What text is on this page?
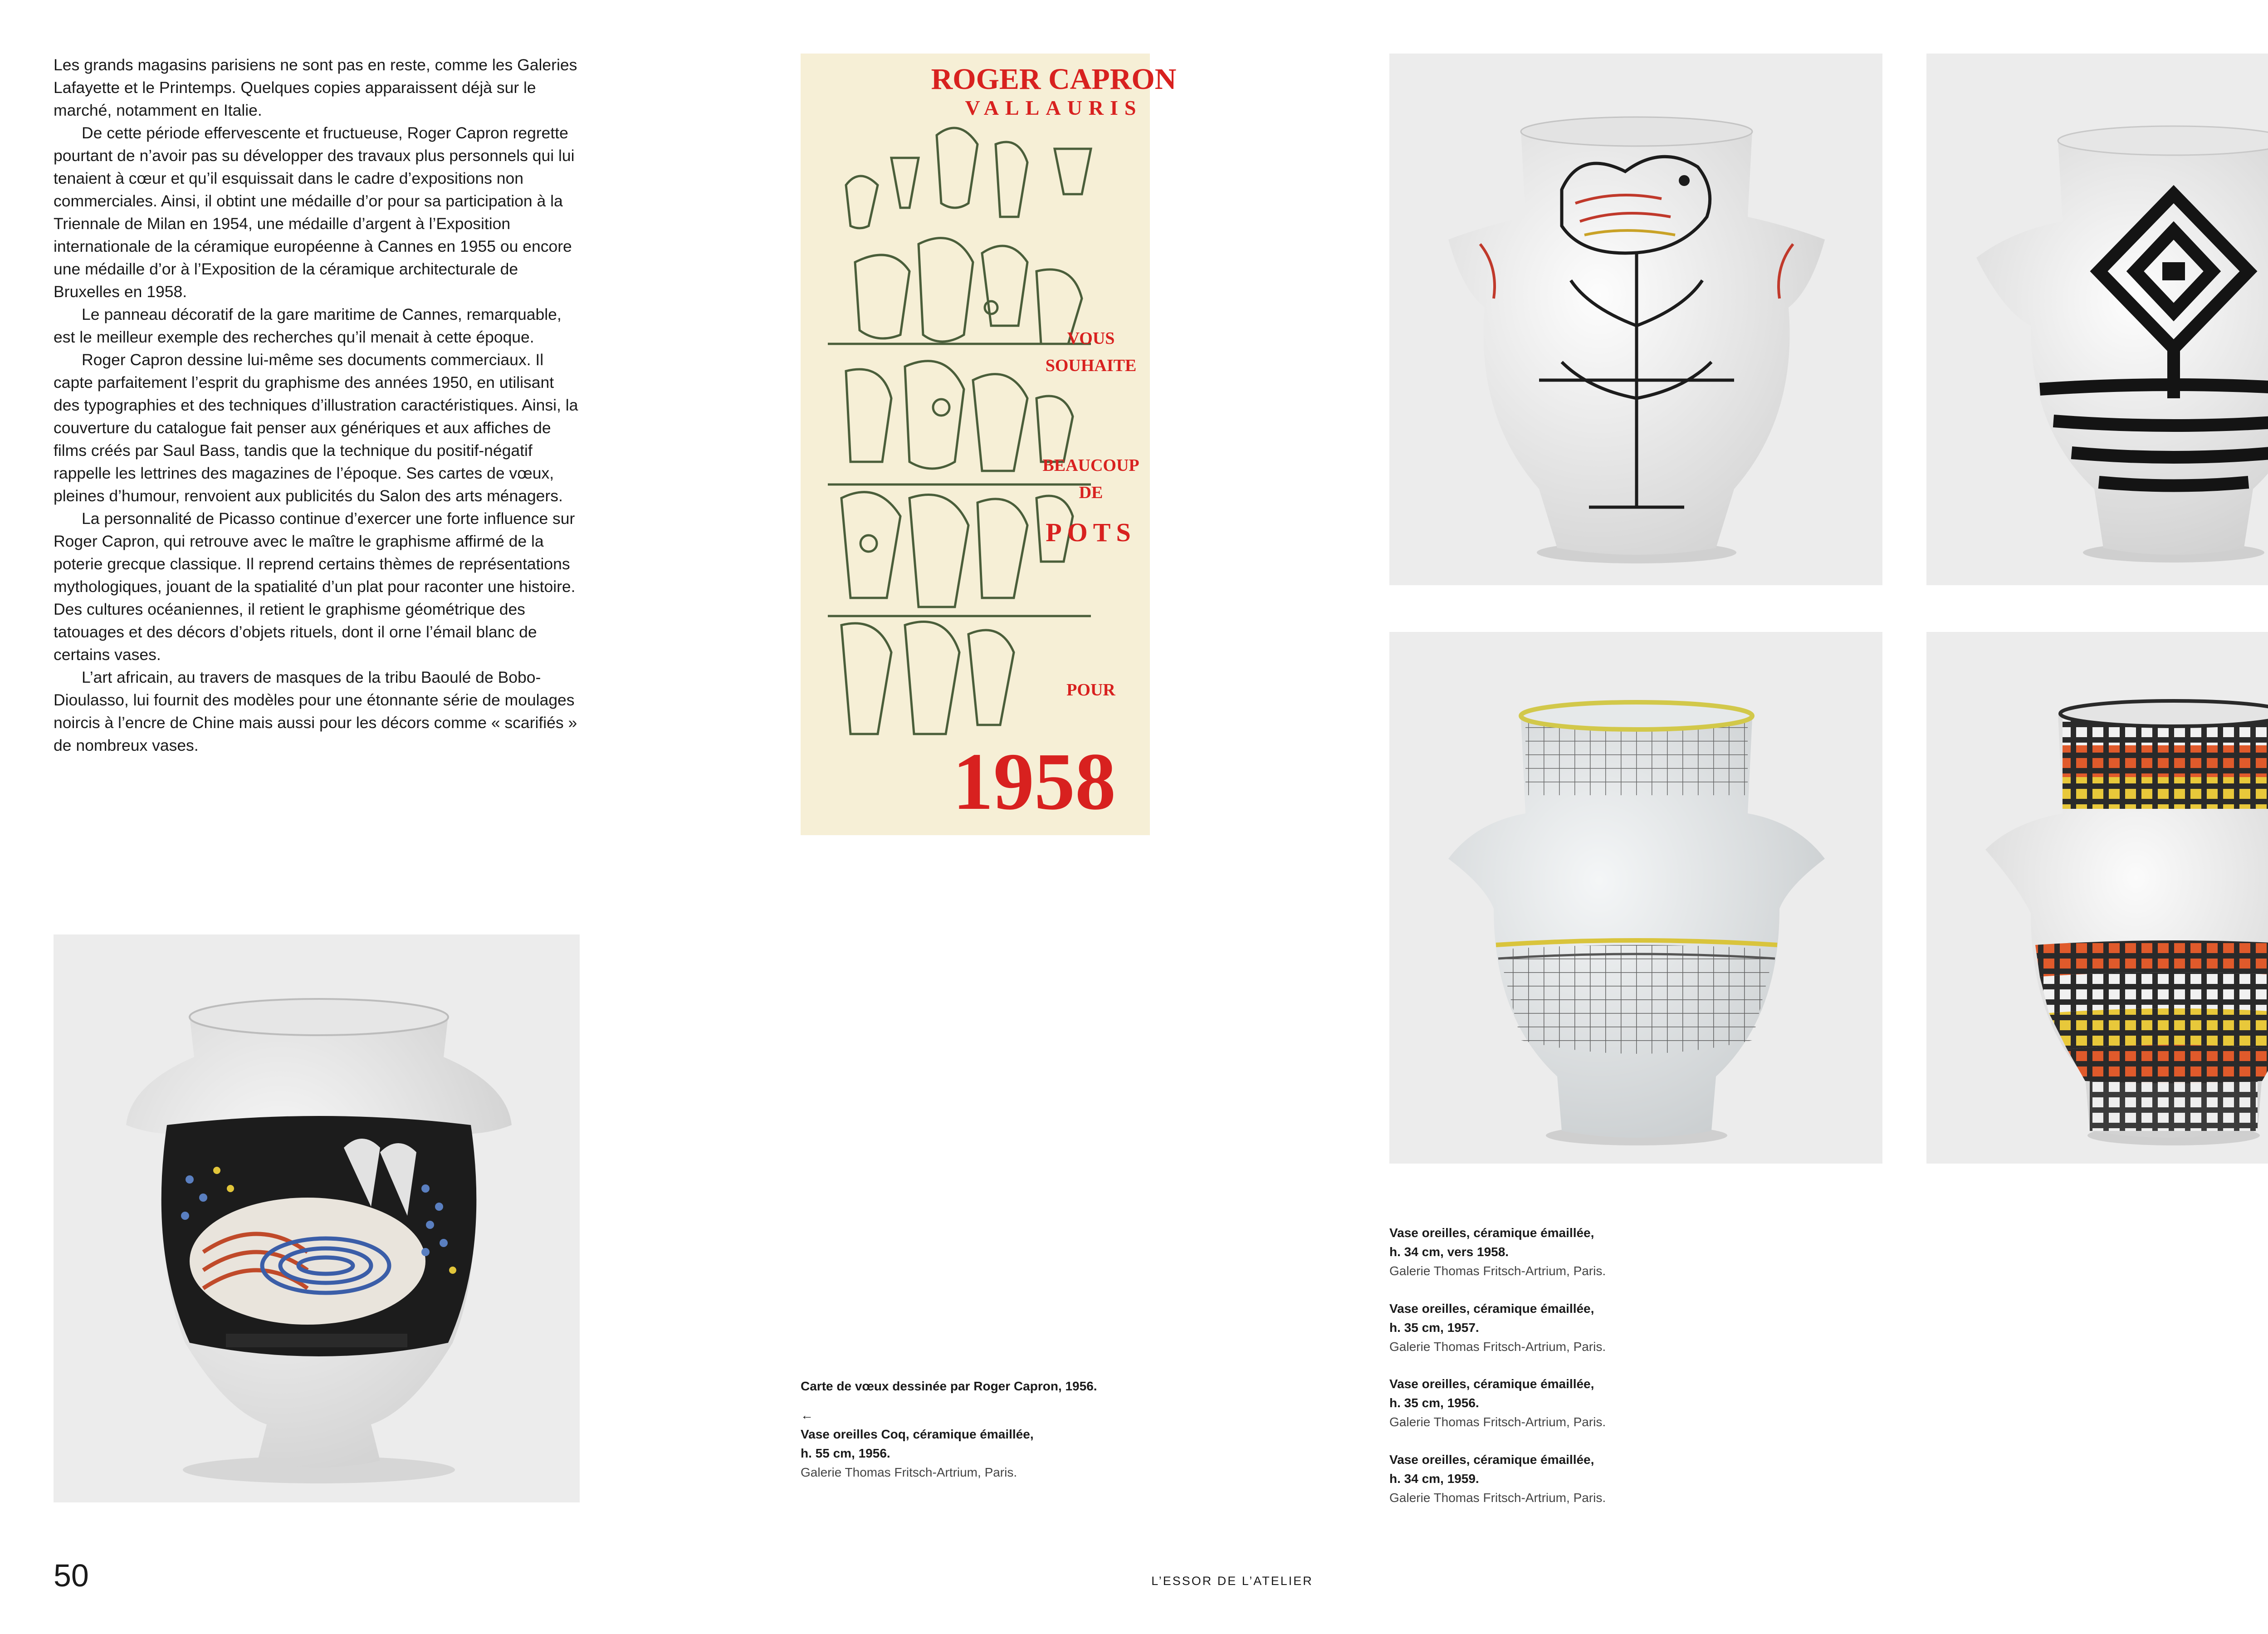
Les grands magasins parisiens ne sont pas en reste, comme les Galeries Lafayette et le Printemps. Quelques copies apparaissent déjà sur le marché, notamment en Italie.

De cette période effervescente et fructueuse, Roger Capron regrette pourtant de n’avoir pas su développer des travaux plus personnels qui lui tenaient à cœur et qu’il esquissait dans le cadre d’expositions non commerciales. Ainsi, il obtint une médaille d’or pour sa participation à la Triennale de Milan en 1954, une médaille d’argent à l’Exposition internationale de la céramique européenne à Cannes en 1955 ou encore une médaille d’or à l’Exposition de la céramique architecturale de Bruxelles en 1958.

Le panneau décoratif de la gare maritime de Cannes, remarquable, est le meilleur exemple des recherches qu’il menait à cette époque.

Roger Capron dessine lui-même ses documents commerciaux. Il capte parfaitement l’esprit du graphisme des années 1950, en utilisant des typographies et des techniques d’illustration caractéristiques. Ainsi, la couverture du catalogue fait penser aux génériques et aux affiches de films créés par Saul Bass, tandis que la technique du positif-négatif rappelle les lettrines des magazines de l’époque. Ses cartes de vœux, pleines d’humour, renvoient aux publicités du Salon des arts ménagers.

La personnalité de Picasso continue d’exercer une forte influence sur Roger Capron, qui retrouve avec le maître le graphisme affirmé de la poterie grecque classique. Il reprend certains thèmes de représentations mythologiques, jouant de la spatialité d’un plat pour raconter une histoire. Des cultures océaniennes, il retient le graphisme géométrique des tatouages et des décors d’objets rituels, dont il orne l’émail blanc de certains vases.

L’art africain, au travers de masques de la tribu Baoulé de Bobo-Dioulasso, lui fournit des modèles pour une étonnante série de moulages noircis à l’encre de Chine mais aussi pour les décors comme « scarifiés » de nombreux vases.

ROGER CAPRON
VALLAURIS
VOUS
SOUHAITE
BEAUCOUP
DE
POTS
POUR
1958
Carte de vœux dessinée par Roger Capron, 1956.
←
Vase oreilles Coq, céramique émaillée,
h. 55 cm, 1956.
Galerie Thomas Fritsch-Artrium, Paris.
Vase oreilles, céramique émaillée,
h. 34 cm, vers 1958.
Galerie Thomas Fritsch-Artrium, Paris.
Vase oreilles, céramique émaillée,
h. 35 cm, 1957.
Galerie Thomas Fritsch-Artrium, Paris.
Vase oreilles, céramique émaillée,
h. 35 cm, 1956.
Galerie Thomas Fritsch-Artrium, Paris.
Vase oreilles, céramique émaillée,
h. 34 cm, 1959.
Galerie Thomas Fritsch-Artrium, Paris.
50	L’ESSOR DE L’ATELIER
